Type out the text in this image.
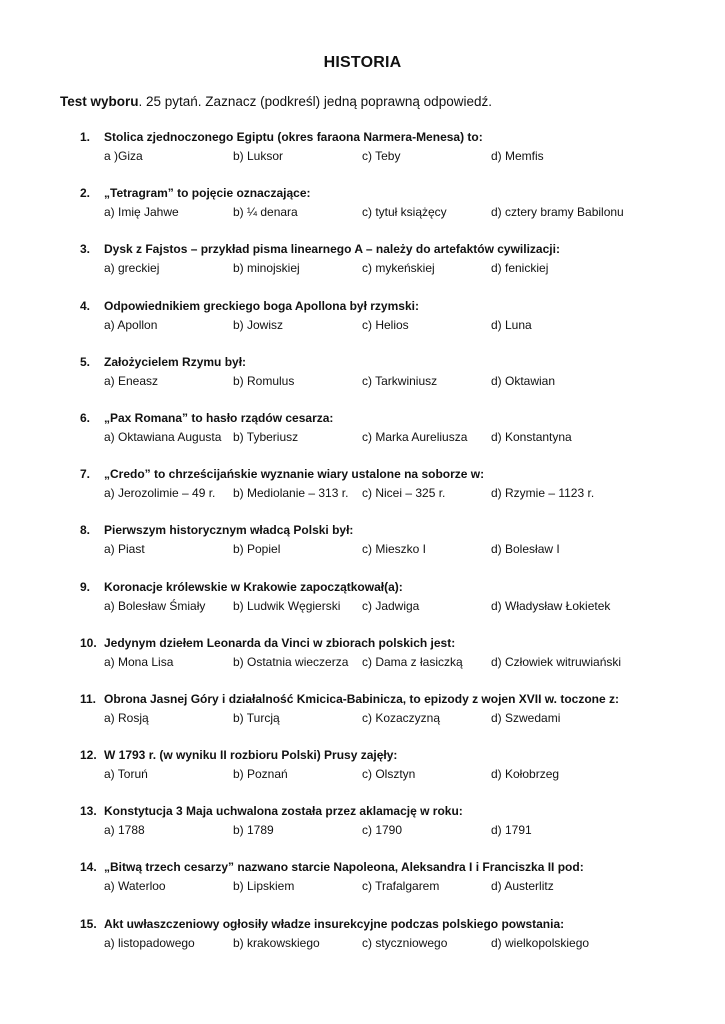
HISTORIA
Test wyboru. 25 pytań. Zaznacz (podkreśl) jedną poprawną odpowiedź.
1. Stolica zjednoczonego Egiptu (okres faraona Narmera-Menesa) to:
a )Giza	b) Luksor	c) Teby	d) Memfis
2. „Tetragram” to pojęcie oznaczające:
a) Imię Jahwe	b) ¼ denara	c) tytuł książęcy	d) cztery bramy Babilonu
3. Dysk z Fajstos – przykład pisma linearnego A – należy do artefaktów cywilizacji:
a) greckiej	b) minojskiej	c) mykeńskiej	d) fenickiej
4. Odpowiednikiem greckiego boga Apollona był rzymski:
a) Apollon	b) Jowisz	c) Helios	d) Luna
5. Założycielem Rzymu był:
a) Eneasz	b) Romulus	c) Tarkwiniusz	d) Oktawian
6. „Pax Romana” to hasło rządów cesarza:
a) Oktawiana Augusta b) Tyberiusz	c) Marka Aureliusza d) Konstantyna
7. „Credo” to chrześcijańskie wyznanie wiary ustalone na soborze w:
a) Jerozolimie – 49 r. b) Mediolanie – 313 r. c) Nicei – 325 r.	d) Rzymie – 1123 r.
8. Pierwszym historycznym władcą Polski był:
a) Piast	b) Popiel	c) Mieszko I	d) Bolesław I
9. Koronacje królewskie w Krakowie zapoczątkował(a):
a) Bolesław Śmiały b) Ludwik Węgierski c) Jadwiga	d) Władysław Łokietek
10. Jedynym dziełem Leonarda da Vinci w zbiorach polskich jest:
a) Mona Lisa	b) Ostatnia wieczerza c) Dama z łasiczką d) Człowiek witruwiański
11. Obrona Jasnej Góry i działalność Kmicica-Babinicza, to epizody z wojen XVII w. toczone z:
a) Rosją	b) Turcją	c) Kozaczyzną	d) Szwedami
12. W 1793 r. (w wyniku II rozbioru Polski) Prusy zajęły:
a) Toruń	b) Poznań	c) Olsztyn	d) Kołobrzeg
13. Konstytucja 3 Maja uchwalona została przez aklamację w roku:
a) 1788	b) 1789	c) 1790	d) 1791
14. „Bitwą trzech cesarzy” nazwano starcie Napoleona, Aleksandra I i Franciszka II pod:
a) Waterloo	b) Lipskiem	c) Trafalgarem	d) Austerlitz
15. Akt uwłaszczeniowy ogłosiły władze insurekcyjne podczas polskiego powstania:
a) listopadowego	b) krakowskiego	c) styczniowego	d) wielkopolskiego
